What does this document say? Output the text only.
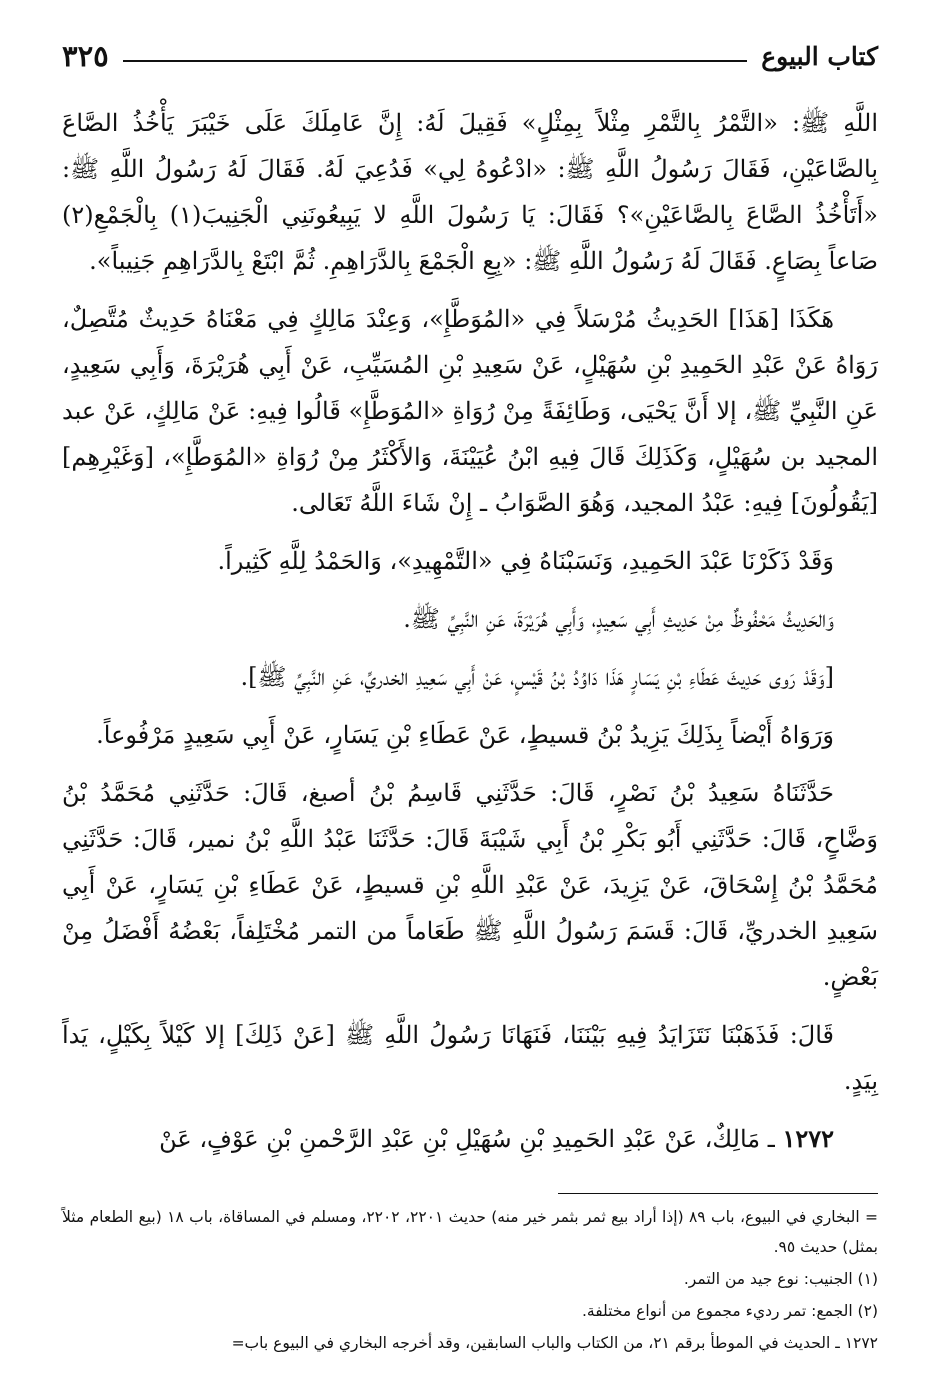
كتاب البيوع
٣٢٥

اللَّهِ ﷺ: «التَّمْرُ بِالتَّمْرِ مِثْلاً بِمِثْلٍ» فَقِيلَ لَهُ: إِنَّ عَامِلَكَ عَلَى خَيْبَرَ يَأْخُذُ الصَّاعَ بِالصَّاعَيْنِ، فَقَالَ رَسُولُ اللَّهِ ﷺ: «ادْعُوهُ لِي» فَدُعِيَ لَهُ. فَقَالَ لَهُ رَسُولُ اللَّهِ ﷺ: «أَتَأْخُذُ الصَّاعَ بِالصَّاعَيْنِ»؟ فَقَالَ: يَا رَسُولَ اللَّهِ لا يَبِيعُونَنِي الْجَنِيبَ(١) بِالْجَمْعِ(٢) صَاعاً بِصَاعٍ. فَقَالَ لَهُ رَسُولُ اللَّهِ ﷺ: «بِعِ الْجَمْعَ بِالدَّرَاهِمِ. ثُمَّ ابْتَعْ بِالدَّرَاهِمِ جَنِيباً».

هَكَذَا [هَذَا] الحَدِيثُ مُرْسَلاً فِي «المُوَطَّإِ»، وَعِنْدَ مَالِكٍ فِي مَعْنَاهُ حَدِيثٌ مُتَّصِلٌ، رَوَاهُ عَنْ عَبْدِ الحَمِيدِ بْنِ سُهَيْلٍ، عَنْ سَعِيدِ بْنِ المُسَيِّبِ، عَنْ أَبِي هُرَيْرَةَ، وَأَبِي سَعِيدٍ، عَنِ النَّبِيِّ ﷺ، إلا أَنَّ يَحْيَى، وَطَائِفَةً مِنْ رُوَاةِ «المُوَطَّإِ» قَالُوا فِيهِ: عَنْ مَالِكٍ، عَنْ عبد المجيد بن سُهَيْلٍ، وَكَذَلِكَ قَالَ فِيهِ ابْنُ عُيَيْنَةَ، وَالأَكْثَرُ مِنْ رُوَاةِ «المُوَطَّإِ»، [وَغَيْرِهِم] [يَقُولُونَ] فِيهِ: عَبْدُ المجيد، وَهُوَ الصَّوَابُ ـ إِنْ شَاءَ اللَّهُ تَعَالى.

وَقَدْ ذَكَرْنَا عَبْدَ الحَمِيدِ، وَنَسَبْنَاهُ فِي «التَّمْهِيدِ»، وَالحَمْدُ لِلَّهِ كَثِيراً.

وَالحَدِيثُ مَحْفُوظٌ مِنْ حَدِيثِ أَبِي سَعِيدٍ، وَأَبِي هُرَيْرَةَ، عَنِ النَّبِيِّ ﷺ.

[وَقَدْ رَوى حَدِيثَ عَطَاءِ بْنِ يَسَارٍ هَذَا دَاوُدُ بْنُ قَيْسٍ، عَنْ أَبِي سَعِيدِ الخدريِّ، عَنِ النَّبِيِّ ﷺ].

وَرَوَاهُ أَيْضاً بِذَلِكَ يَزِيدُ بْنُ قسيطٍ، عَنْ عَطَاءِ بْنِ يَسَارٍ، عَنْ أَبِي سَعِيدٍ مَرْفُوعاً.

حَدَّثَنَاهُ سَعِيدُ بْنُ نَصْرٍ، قَالَ: حَدَّثَنِي قَاسِمُ بْنُ أصبغ، قَالَ: حَدَّثَنِي مُحَمَّدُ بْنُ وَضَّاحٍ، قَالَ: حَدَّثَنِي أَبُو بَكْرِ بْنُ أَبِي شَيْبَةَ قَالَ: حَدَّثَنَا عَبْدُ اللَّهِ بْنُ نمير، قَالَ: حَدَّثَنِي مُحَمَّدُ بْنُ إِسْحَاقَ، عَنْ يَزِيدَ، عَنْ عَبْدِ اللَّهِ بْنِ قسيطٍ، عَنْ عَطَاءِ بْنِ يَسَارٍ، عَنْ أَبِي سَعِيدِ الخدريِّ، قَالَ: قَسَمَ رَسُولُ اللَّهِ ﷺ طَعَاماً من التمر مُخْتَلِفاً، بَعْضُهُ أَفْضَلُ مِنْ بَعْضٍ.

قَالَ: فَذَهَبْنَا نَتَزَايَدُ فِيهِ بَيْنَنَا، فَنَهَانَا رَسُولُ اللَّهِ ﷺ [عَنْ ذَلِكَ] إلا كَيْلاً بِكَيْلٍ، يَداً بِيَدٍ.

١٢٧٢ ـ مَالِكٌ، عَنْ عَبْدِ الحَمِيدِ بْنِ سُهَيْلِ بْنِ عَبْدِ الرَّحْمنِ بْنِ عَوْفٍ، عَنْ

= البخاري في البيوع، باب ٨٩ (إذا أراد بيع ثمر بثمر خير منه) حديث ٢٢٠١، ٢٢٠٢، ومسلم في المساقاة، باب ١٨ (بيع الطعام مثلاً بمثل) حديث ٩٥.

(١) الجنيب: نوع جيد من التمر.

(٢) الجمع: تمر رديء مجموع من أنواع مختلفة.

١٢٧٢ ـ الحديث في الموطأ برقم ٢١، من الكتاب والباب السابقين، وقد أخرجه البخاري في البيوع باب=
